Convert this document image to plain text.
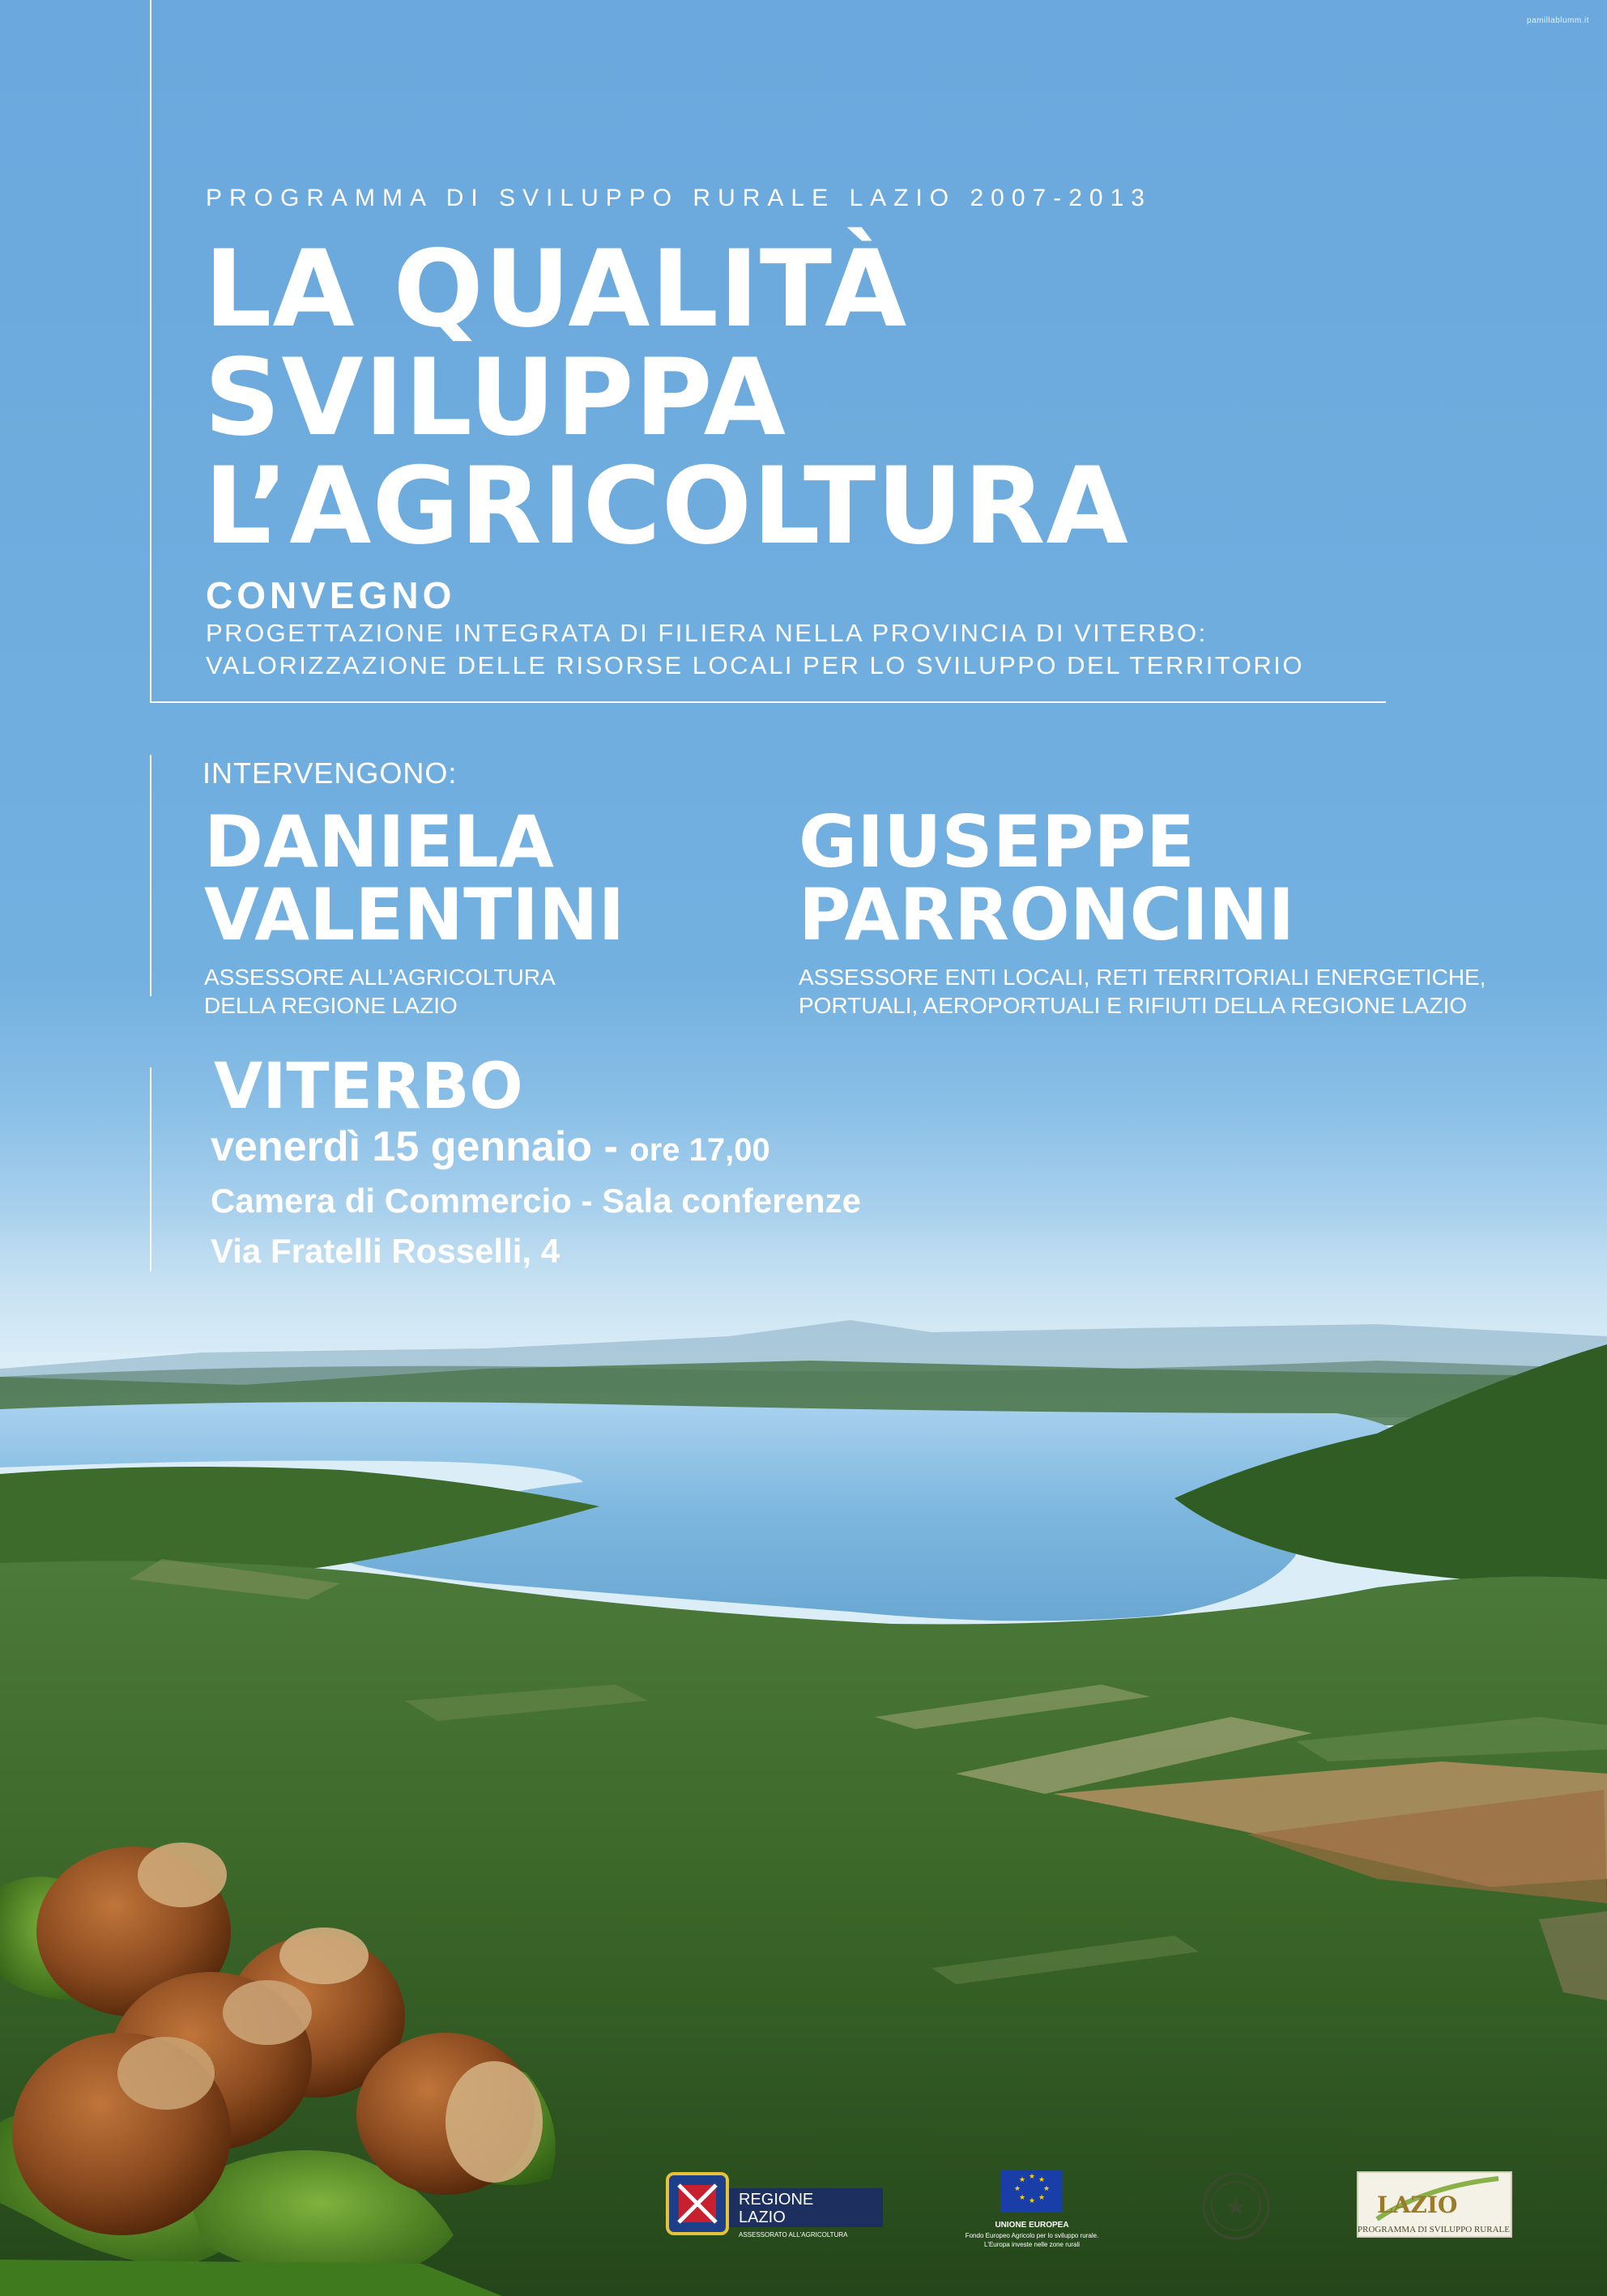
pamillablumm.it
PROGRAMMA DI SVILUPPO RURALE LAZIO 2007-2013
LA QUALITÀ
SVILUPPA
L’AGRICOLTURA
CONVEGNO
PROGETTAZIONE INTEGRATA DI FILIERA NELLA PROVINCIA DI VITERBO:
VALORIZZAZIONE DELLE RISORSE LOCALI PER LO SVILUPPO DEL TERRITORIO
INTERVENGONO:
DANIELA
VALENTINI
ASSESSORE ALL’AGRICOLTURA
DELLA REGIONE LAZIO
GIUSEPPE
PARRONCINI
ASSESSORE ENTI LOCALI, RETI TERRITORIALI ENERGETICHE,
PORTUALI, AEROPORTUALI E RIFIUTI DELLA REGIONE LAZIO
VITERBO
venerdì 15 gennaio - ore 17,00
Camera di Commercio - Sala conferenze
Via Fratelli Rosselli, 4
REGIONE
LAZIO
ASSESSORATO ALL'AGRICOLTURA
★ ★
★
★
★
★
★
★
UNIONE EUROPEA
Fondo Europeo Agricolo per lo sviluppo rurale.
L'Europa investe nelle zone rurali
★	LAZIO
PROGRAMMA DI SVILUPPO RURALE
